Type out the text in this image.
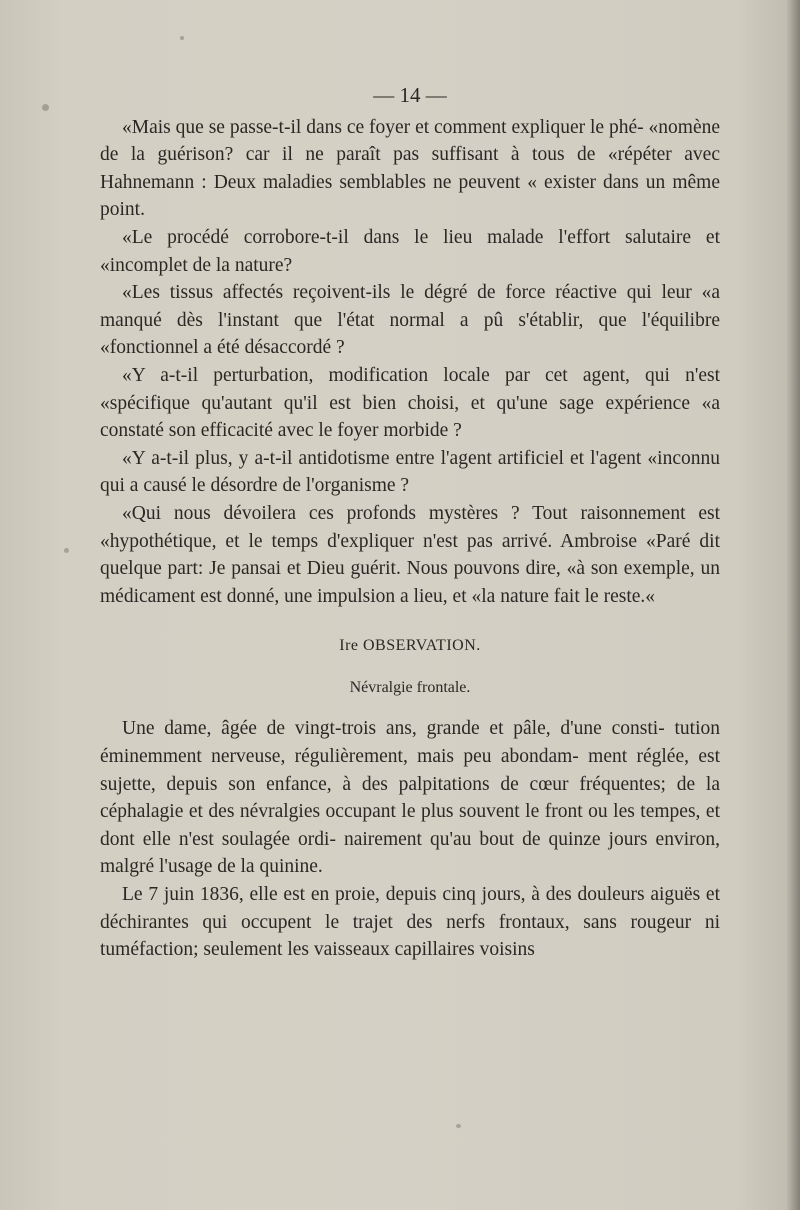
— 14 —

«Mais que se passe-t-il dans ce foyer et comment expliquer le phé- «nomène de la guérison? car il ne paraît pas suffisant à tous de «répéter avec Hahnemann : Deux maladies semblables ne peuvent « exister dans un même point.

«Le procédé corrobore-t-il dans le lieu malade l'effort salutaire et «incomplet de la nature?

«Les tissus affectés reçoivent-ils le dégré de force réactive qui leur «a manqué dès l'instant que l'état normal a pû s'établir, que l'équilibre «fonctionnel a été désaccordé ?

«Y a-t-il perturbation, modification locale par cet agent, qui n'est «spécifique qu'autant qu'il est bien choisi, et qu'une sage expérience «a constaté son efficacité avec le foyer morbide ?

«Y a-t-il plus, y a-t-il antidotisme entre l'agent artificiel et l'agent «inconnu qui a causé le désordre de l'organisme ?

«Qui nous dévoilera ces profonds mystères ? Tout raisonnement est «hypothétique, et le temps d'expliquer n'est pas arrivé. Ambroise «Paré dit quelque part: Je pansai et Dieu guérit. Nous pouvons dire, «à son exemple, un médicament est donné, une impulsion a lieu, et «la nature fait le reste.«

Ire OBSERVATION.
Névralgie frontale.

Une dame, âgée de vingt-trois ans, grande et pâle, d'une consti- tution éminemment nerveuse, régulièrement, mais peu abondam- ment réglée, est sujette, depuis son enfance, à des palpitations de cœur fréquentes; de la céphalagie et des névralgies occupant le plus souvent le front ou les tempes, et dont elle n'est soulagée ordi- nairement qu'au bout de quinze jours environ, malgré l'usage de la quinine.

Le 7 juin 1836, elle est en proie, depuis cinq jours, à des douleurs aiguës et déchirantes qui occupent le trajet des nerfs frontaux, sans rougeur ni tuméfaction; seulement les vaisseaux capillaires voisins
